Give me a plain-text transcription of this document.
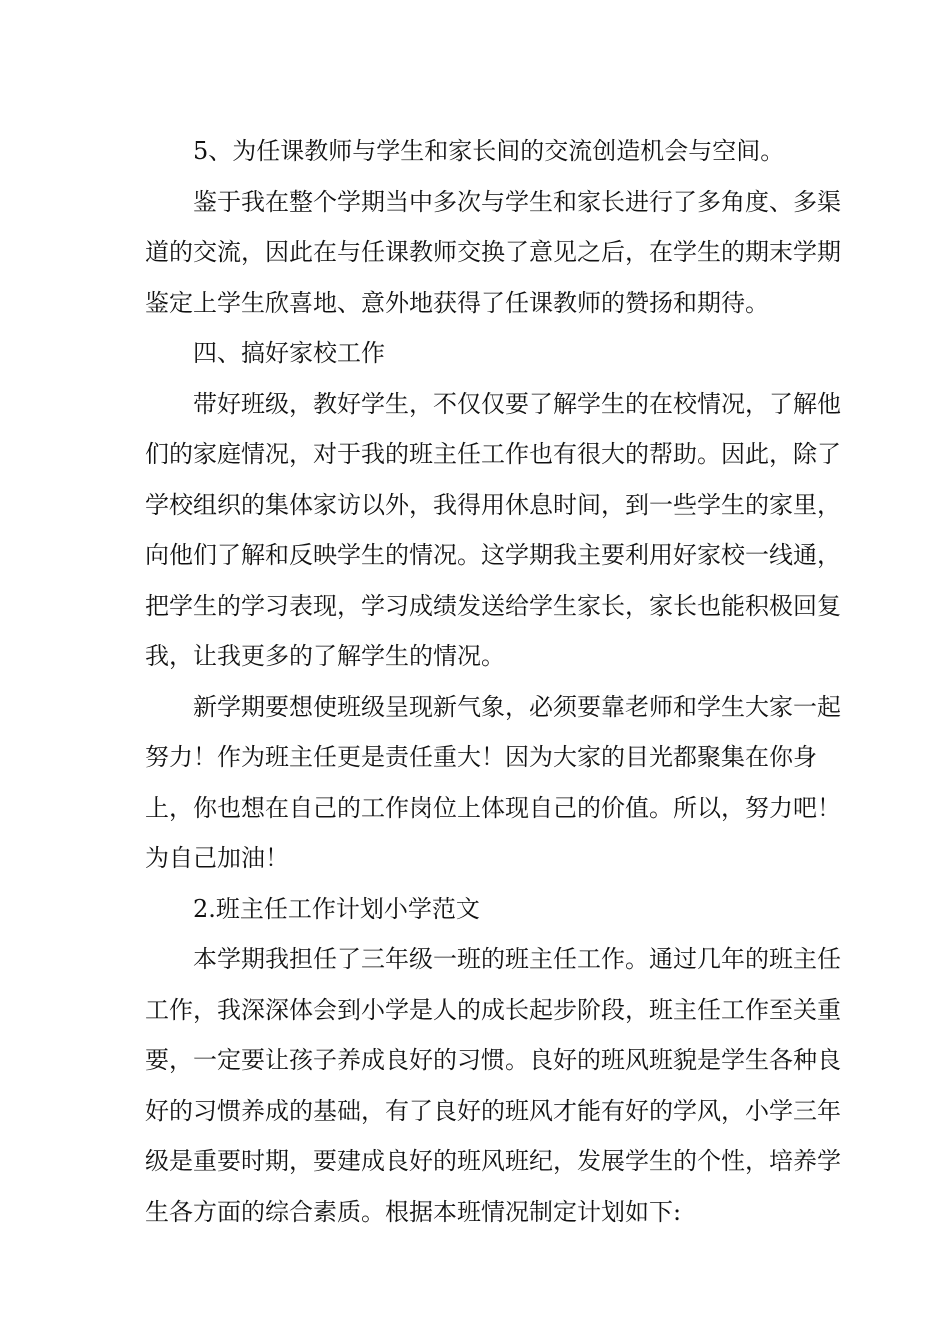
5、为任课教师与学生和家长间的交流创造机会与空间。
鉴于我在整个学期当中多次与学生和家长进行了多角度、多渠
道的交流，因此在与任课教师交换了意见之后，在学生的期末学期
鉴定上学生欣喜地、意外地获得了任课教师的赞扬和期待。
四、搞好家校工作
带好班级，教好学生，不仅仅要了解学生的在校情况，了解他
们的家庭情况，对于我的班主任工作也有很大的帮助。因此，除了
学校组织的集体家访以外，我得用休息时间，到一些学生的家里，
向他们了解和反映学生的情况。这学期我主要利用好家校一线通，
把学生的学习表现，学习成绩发送给学生家长，家长也能积极回复
我，让我更多的了解学生的情况。
新学期要想使班级呈现新气象，必须要靠老师和学生大家一起
努力！作为班主任更是责任重大！因为大家的目光都聚集在你身
上，你也想在自己的工作岗位上体现自己的价值。所以，努力吧！
为自己加油！
2.班主任工作计划小学范文
本学期我担任了三年级一班的班主任工作。通过几年的班主任
工作，我深深体会到小学是人的成长起步阶段，班主任工作至关重
要，一定要让孩子养成良好的习惯。良好的班风班貌是学生各种良
好的习惯养成的基础，有了良好的班风才能有好的学风，小学三年
级是重要时期，要建成良好的班风班纪，发展学生的个性，培养学
生各方面的综合素质。根据本班情况制定计划如下:
